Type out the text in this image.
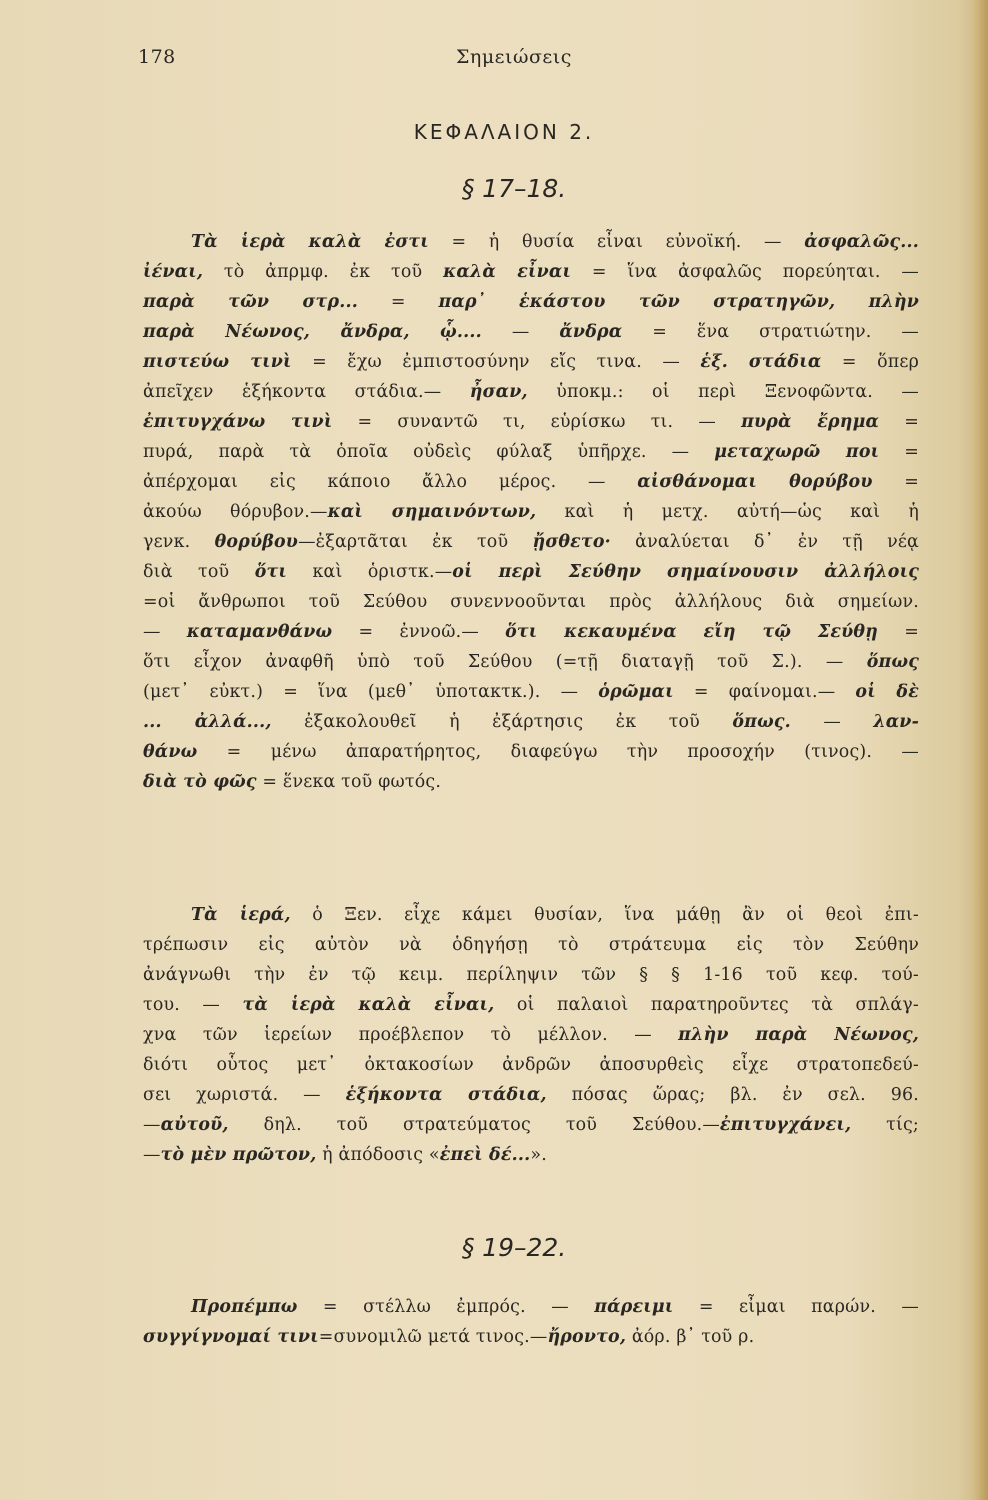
178	Σημειώσεις
ΚΕΦΑΛΑΙΟΝ 2.
§ 17–18.
Τὰ ἱερὰ καλὰ ἐστι = ἡ θυσία εἶναι εὐνοϊκή. — ἀσφαλῶς...
ἰέναι, τὸ ἀπρμφ. ἐκ τοῦ καλὰ εἶναι = ἵνα ἀσφαλῶς πορεύηται. —
παρὰ τῶν στρ... = παρ᾽ ἑκάστου τῶν στρατηγῶν, πλὴν
παρὰ Νέωνος, ἄνδρα, ᾧ.... — ἄνδρα = ἕνα στρατιώτην. —
πιστεύω τινὶ = ἔχω ἐμπιστοσύνην εἴς τινα. — ἑξ. στάδια = ὅπερ
ἀπεῖχεν ἑξήκοντα στάδια.— ἦσαν, ὑποκμ.: οἱ περὶ Ξενοφῶντα. —
ἐπιτυγχάνω τινὶ = συναντῶ τι, εὑρίσκω τι. — πυρὰ ἔρημα =
πυρά, παρὰ τὰ ὁποῖα οὐδεὶς φύλαξ ὑπῆρχε. — μεταχωρῶ ποι =
ἀπέρχομαι εἰς κάποιο ἄλλο μέρος. — αἰσθάνομαι θορύβου =
ἀκούω θόρυβον.—καὶ σημαινόντων, καὶ ἡ μετχ. αὐτή—ὡς καὶ ἡ
γενκ. θορύβου—ἐξαρτᾶται ἐκ τοῦ ᾔσθετο· ἀναλύεται δ᾽ ἐν τῇ νέᾳ
διὰ τοῦ ὅτι καὶ ὁριστκ.—οἱ περὶ Σεύθην σημαίνουσιν ἀλλήλοις
=οἱ ἄνθρωποι τοῦ Σεύθου συνεννοοῦνται πρὸς ἀλλήλους διὰ σημείων.
— καταμανθάνω = ἐννοῶ.— ὅτι κεκαυμένα εἴη τῷ Σεύθῃ =
ὅτι εἶχον ἀναφθῆ ὑπὸ τοῦ Σεύθου (=τῇ διαταγῇ τοῦ Σ.). — ὅπως
(μετ᾽ εὐκτ.) = ἵνα (μεθ᾽ ὑποτακτκ.). — ὁρῶμαι = φαίνομαι.— οἱ δὲ
... ἀλλά..., ἐξακολουθεῖ ἡ ἐξάρτησις ἐκ τοῦ ὅπως. — λαν-
θάνω = μένω ἀπαρατήρητος, διαφεύγω τὴν προσοχήν (τινος). —
διὰ τὸ φῶς = ἕνεκα τοῦ φωτός.
Τὰ ἱερά, ὁ Ξεν. εἶχε κάμει θυσίαν, ἵνα μάθῃ ἂν οἱ θεοὶ ἐπι-
τρέπωσιν εἰς αὐτὸν νὰ ὁδηγήσῃ τὸ στράτευμα εἰς τὸν Σεύθην
ἀνάγνωθι τὴν ἐν τῷ κειμ. περίληψιν τῶν § § 1-16 τοῦ κεφ. τού-
του. — τὰ ἱερὰ καλὰ εἶναι, οἱ παλαιοὶ παρατηροῦντες τὰ σπλάγ-
χνα τῶν ἱερείων προέβλεπον τὸ μέλλον. — πλὴν παρὰ Νέωνος,
διότι οὗτος μετ᾽ ὀκτακοσίων ἀνδρῶν ἀποσυρθεὶς εἶχε στρατοπεδεύ-
σει χωριστά. — ἑξήκοντα στάδια, πόσας ὥρας; βλ. ἐν σελ. 96.
—αὐτοῦ, δηλ. τοῦ στρατεύματος τοῦ Σεύθου.—ἐπιτυγχάνει, τίς;
—τὸ μὲν πρῶτον, ἡ ἀπόδοσις «ἐπεὶ δέ...».
§ 19–22.
Προπέμπω = στέλλω ἐμπρός. — πάρειμι = εἶμαι παρών. —
συγγίγνομαί τινι=συνομιλῶ μετά τινος.—ἤροντο, ἀόρ. β᾽ τοῦ ρ.
